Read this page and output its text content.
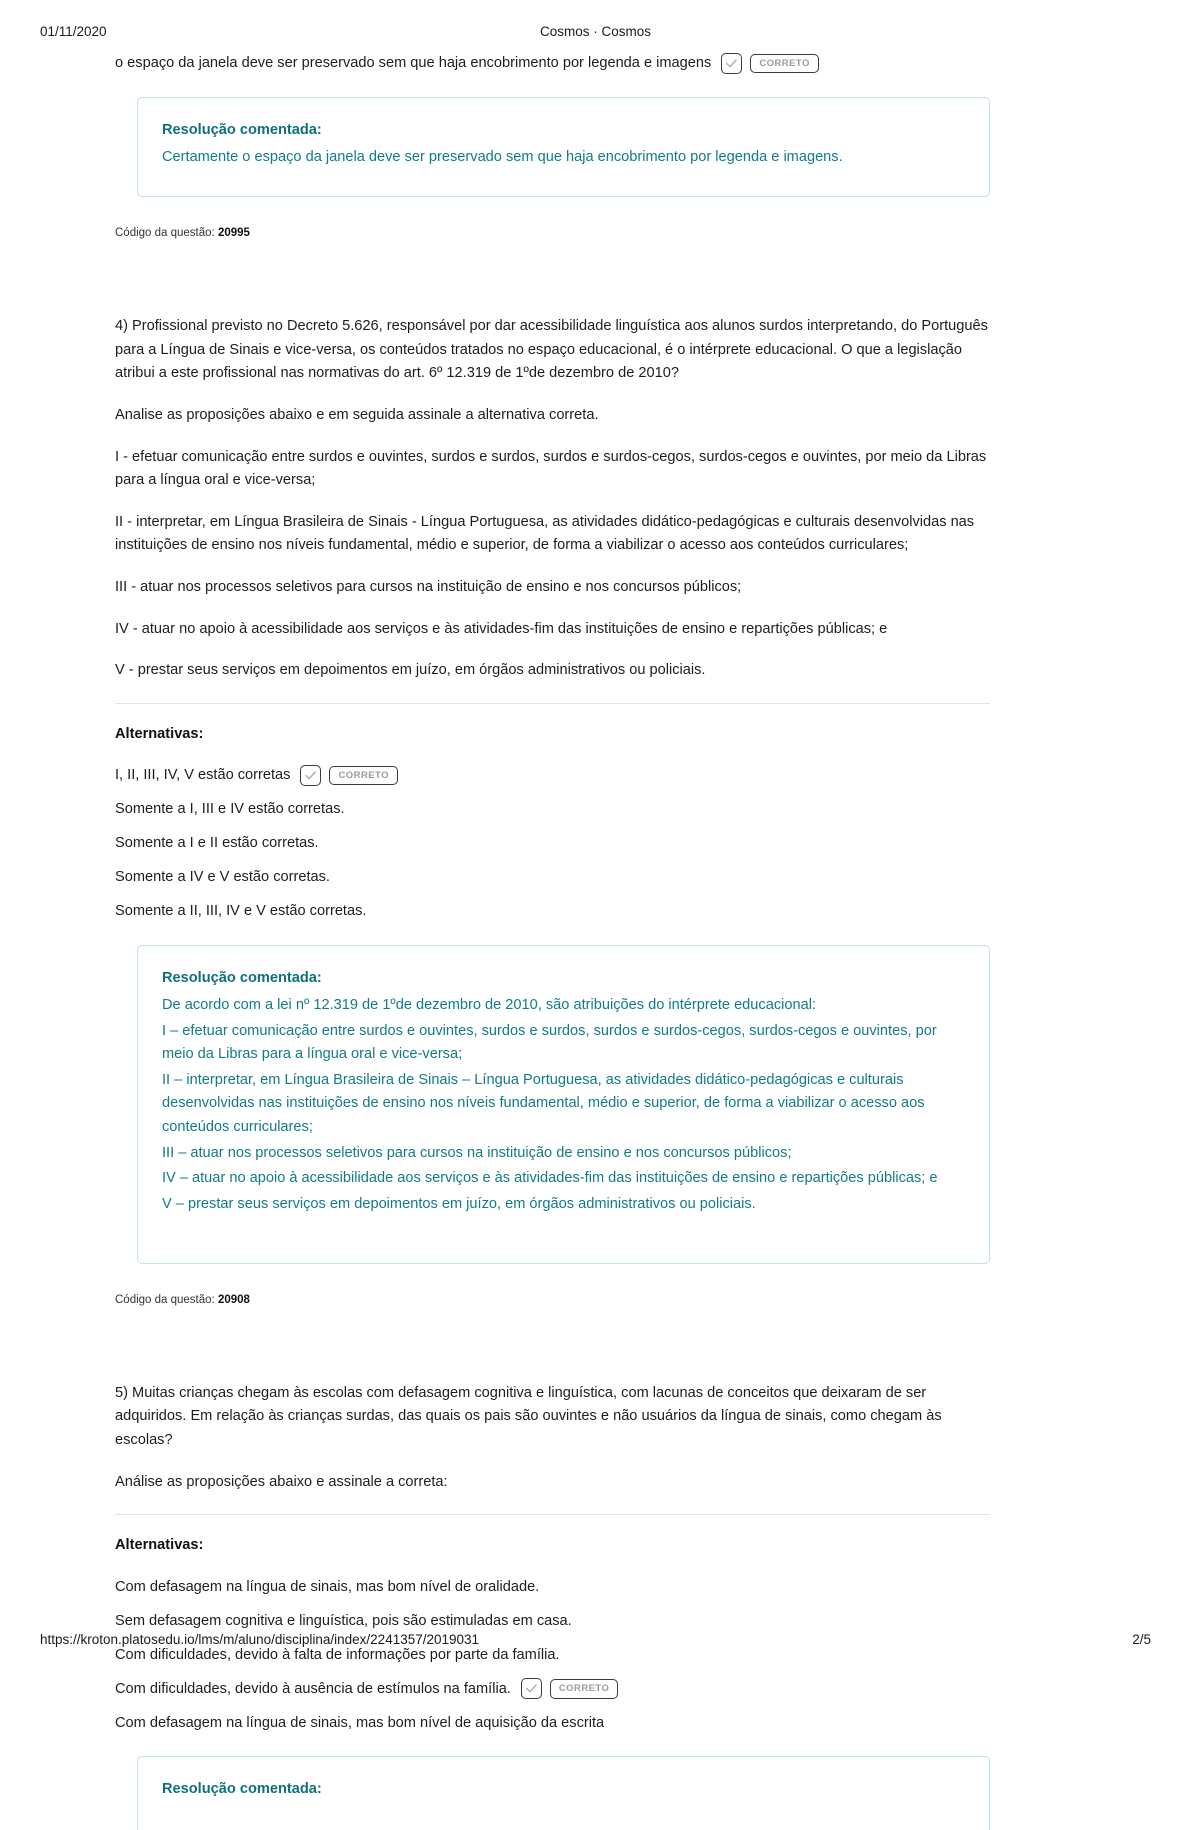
01/11/2020	Cosmos · Cosmos
o espaço da janela deve ser preservado sem que haja encobrimento por legenda e imagens	CORRETO

Resolução comentada:

Certamente o espaço da janela deve ser preservado sem que haja encobrimento por legenda e imagens.

Código da questão: 20995

4) Profissional previsto no Decreto 5.626, responsável por dar acessibilidade linguística aos alunos surdos interpretando, do Português para a Língua de Sinais e vice-versa, os conteúdos tratados no espaço educacional, é o intérprete educacional. O que a legislação atribui a este profissional nas normativas do art. 6º 12.319 de 1ºde dezembro de 2010?

Analise as proposições abaixo e em seguida assinale a alternativa correta.

I - efetuar comunicação entre surdos e ouvintes, surdos e surdos, surdos e surdos-cegos, surdos-cegos e ouvintes, por meio da Libras para a língua oral e vice-versa;

II - interpretar, em Língua Brasileira de Sinais - Língua Portuguesa, as atividades didático-pedagógicas e culturais desenvolvidas nas instituições de ensino nos níveis fundamental, médio e superior, de forma a viabilizar o acesso aos conteúdos curriculares;

III - atuar nos processos seletivos para cursos na instituição de ensino e nos concursos públicos;

IV - atuar no apoio à acessibilidade aos serviços e às atividades-fim das instituições de ensino e repartições públicas; e

V - prestar seus serviços em depoimentos em juízo, em órgãos administrativos ou policiais.

Alternativas:

I, II, III, IV, V estão corretas	CORRETO
Somente a I, III e IV estão corretas.
Somente a I e II estão corretas.
Somente a IV e V estão corretas.
Somente a II, III, IV e V estão corretas.

Resolução comentada:

De acordo com a lei nº 12.319 de 1ºde dezembro de 2010, são atribuições do intérprete educacional:

I – efetuar comunicação entre surdos e ouvintes, surdos e surdos, surdos e surdos-cegos, surdos-cegos e ouvintes, por meio da Libras para a língua oral e vice-versa;

II – interpretar, em Língua Brasileira de Sinais – Língua Portuguesa, as atividades didático-pedagógicas e culturais desenvolvidas nas instituições de ensino nos níveis fundamental, médio e superior, de forma a viabilizar o acesso aos conteúdos curriculares;

III – atuar nos processos seletivos para cursos na instituição de ensino e nos concursos públicos;

IV – atuar no apoio à acessibilidade aos serviços e às atividades-fim das instituições de ensino e repartições públicas; e

V – prestar seus serviços em depoimentos em juízo, em órgãos administrativos ou policiais.

Código da questão: 20908

5) Muitas crianças chegam às escolas com defasagem cognitiva e linguística, com lacunas de conceitos que deixaram de ser adquiridos. Em relação às crianças surdas, das quais os pais são ouvintes e não usuários da língua de sinais, como chegam às escolas?

Análise as proposições abaixo e assinale a correta:

Alternativas:

Com defasagem na língua de sinais, mas bom nível de oralidade.
Sem defasagem cognitiva e linguística, pois são estimuladas em casa.
Com dificuldades, devido à falta de informações por parte da família.
Com dificuldades, devido à ausência de estímulos na família.	CORRETO
Com defasagem na língua de sinais, mas bom nível de aquisição da escrita

Resolução comentada:

https://kroton.platosedu.io/lms/m/aluno/disciplina/index/2241357/2019031	2/5
